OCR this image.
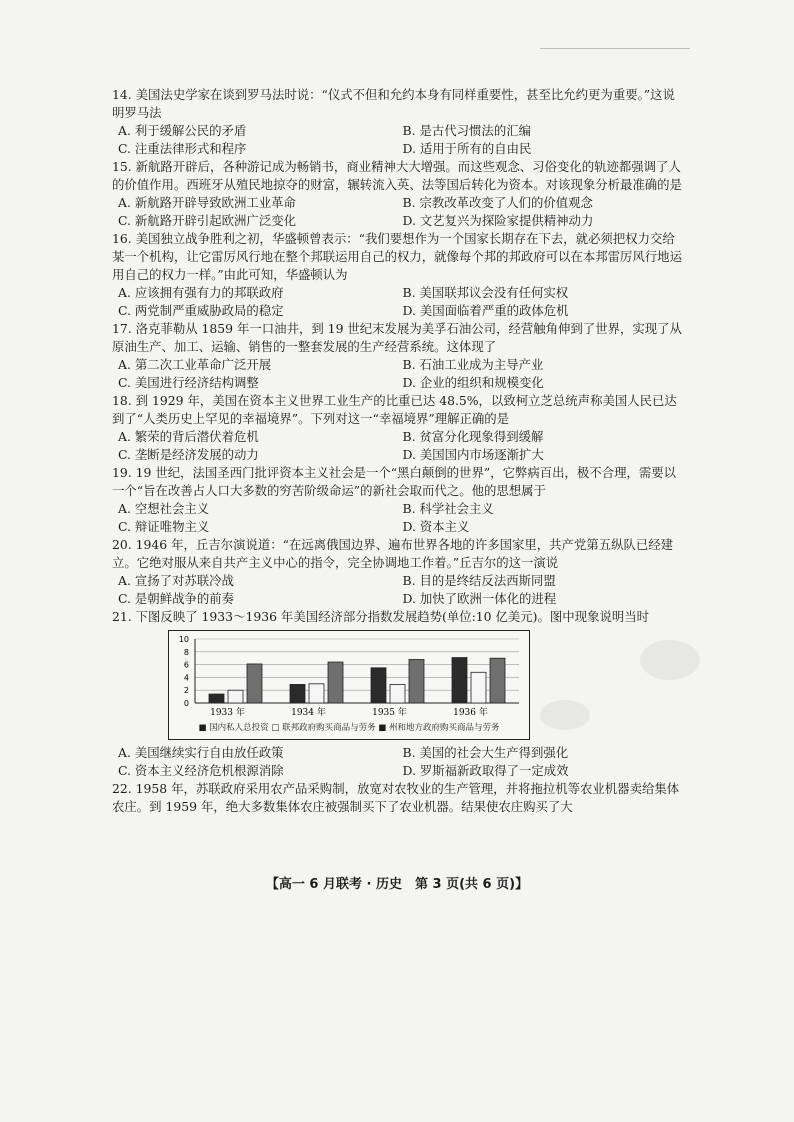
14. 美国法史学家在谈到罗马法时说：“仪式不但和允约本身有同样重要性，甚至比允约更为重要。”这说明罗马法

A. 利于缓解公民的矛盾	B. 是古代习惯法的汇编
C. 注重法律形式和程序	D. 适用于所有的自由民

15. 新航路开辟后，各种游记成为畅销书，商业精神大大增强。而这些观念、习俗变化的轨迹都强调了人的价值作用。西班牙从殖民地掠夺的财富，辗转流入英、法等国后转化为资本。对该现象分析最准确的是

A. 新航路开辟导致欧洲工业革命	B. 宗教改革改变了人们的价值观念
C. 新航路开辟引起欧洲广泛变化	D. 文艺复兴为探险家提供精神动力

16. 美国独立战争胜利之初，华盛顿曾表示：“我们要想作为一个国家长期存在下去，就必须把权力交给某一个机构，让它雷厉风行地在整个邦联运用自己的权力，就像每个邦的邦政府可以在本邦雷厉风行地运用自己的权力一样。”由此可知，华盛顿认为

A. 应该拥有强有力的邦联政府	B. 美国联邦议会没有任何实权
C. 两党制严重威胁政局的稳定	D. 美国面临着严重的政体危机

17. 洛克菲勒从 1859 年一口油井，到 19 世纪末发展为美孚石油公司，经营触角伸到了世界，实现了从原油生产、加工、运输、销售的一整套发展的生产经营系统。这体现了

A. 第二次工业革命广泛开展	B. 石油工业成为主导产业
C. 美国进行经济结构调整	D. 企业的组织和规模变化

18. 到 1929 年，美国在资本主义世界工业生产的比重已达 48.5%，以致柯立芝总统声称美国人民已达到了“人类历史上罕见的幸福境界”。下列对这一“幸福境界”理解正确的是

A. 繁荣的背后潜伏着危机	B. 贫富分化现象得到缓解
C. 垄断是经济发展的动力	D. 美国国内市场逐渐扩大

19. 19 世纪，法国圣西门批评资本主义社会是一个“黑白颠倒的世界”，它弊病百出，极不合理，需要以一个“旨在改善占人口大多数的穷苦阶级命运”的新社会取而代之。他的思想属于

A. 空想社会主义	B. 科学社会主义
C. 辩证唯物主义	D. 资本主义

20. 1946 年，丘吉尔演说道：“在远离俄国边界、遍布世界各地的许多国家里，共产党第五纵队已经建立。它绝对服从来自共产主义中心的指令，完全协调地工作着。”丘吉尔的这一演说

A. 宣扬了对苏联冷战	B. 目的是终结反法西斯同盟
C. 是朝鲜战争的前奏	D. 加快了欧洲一体化的进程

21. 下图反映了 1933～1936 年美国经济部分指数发展趋势(单位:10 亿美元)。图中现象说明当时

0
2
4
6
8
10
1933 年	1934 年	1935 年	1936 年
■ 国内私人总投资 □ 联邦政府购买商品与劳务 ■ 州和地方政府购买商品与劳务
A. 美国继续实行自由放任政策	B. 美国的社会大生产得到强化
C. 资本主义经济危机根源消除	D. 罗斯福新政取得了一定成效

22. 1958 年，苏联政府采用农产品采购制，放宽对农牧业的生产管理，并将拖拉机等农业机器卖给集体农庄。到 1959 年，绝大多数集体农庄被强制买下了农业机器。结果使农庄购买了大

【高一 6 月联考 · 历史　第 3 页(共 6 页)】
